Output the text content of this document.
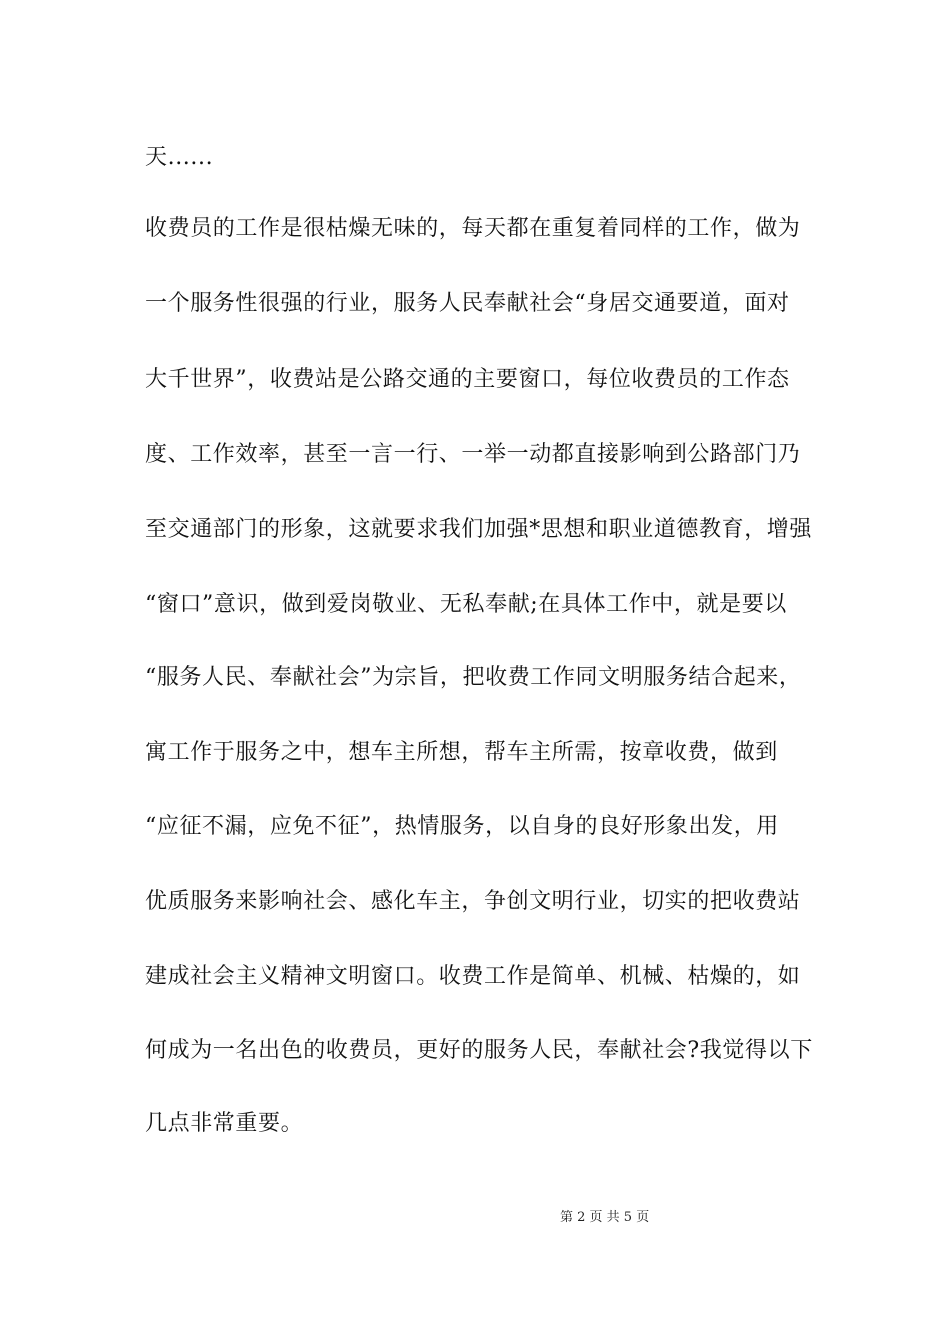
天......
收费员的工作是很枯燥无味的，每天都在重复着同样的工作，做为
一个服务性很强的行业，服务人民奉献社会“身居交通要道，面对
大千世界”，收费站是公路交通的主要窗口，每位收费员的工作态
度、工作效率，甚至一言一行、一举一动都直接影响到公路部门乃
至交通部门的形象，这就要求我们加强*思想和职业道德教育，增强
“窗口”意识，做到爱岗敬业、无私奉献;在具体工作中，就是要以
“服务人民、奉献社会”为宗旨，把收费工作同文明服务结合起来，
寓工作于服务之中，想车主所想，帮车主所需，按章收费，做到
“应征不漏，应免不征”，热情服务，以自身的良好形象出发，用
优质服务来影响社会、感化车主，争创文明行业，切实的把收费站
建成社会主义精神文明窗口。收费工作是简单、机械、枯燥的，如
何成为一名出色的收费员，更好的服务人民，奉献社会?我觉得以下
几点非常重要。
第 2 页 共 5 页
